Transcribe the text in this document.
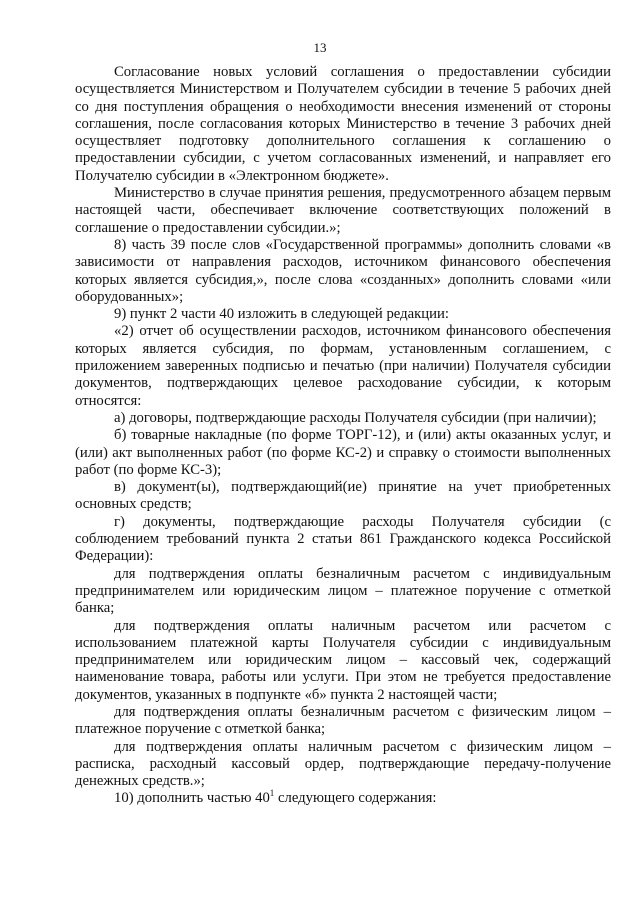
13

Согласование новых условий соглашения о предоставлении субсидии осуществляется Министерством и Получателем субсидии в течение 5 рабочих дней со дня поступления обращения о необходимости внесения изменений от стороны соглашения, после согласования которых Министерство в течение 3 рабочих дней осуществляет подготовку дополнительного соглашения к соглашению о предоставлении субсидии, с учетом согласованных изменений, и направляет его Получателю субсидии в «Электронном бюджете».

Министерство в случае принятия решения, предусмотренного абзацем первым настоящей части, обеспечивает включение соответствующих положений в соглашение о предоставлении субсидии.»;

8) часть 39 после слов «Государственной программы» дополнить словами «в зависимости от направления расходов, источником финансового обеспечения которых является субсидия,», после слова «созданных» дополнить словами «или оборудованных»;

9) пункт 2 части 40 изложить в следующей редакции:

«2) отчет об осуществлении расходов, источником финансового обеспечения которых является субсидия, по формам, установленным соглашением, с приложением заверенных подписью и печатью (при наличии) Получателя субсидии документов, подтверждающих целевое расходование субсидии, к которым относятся:

а) договоры, подтверждающие расходы Получателя субсидии (при наличии);

б) товарные накладные (по форме ТОРГ-12), и (или) акты оказанных услуг, и (или) акт выполненных работ (по форме КС-2) и справку о стоимости выполненных работ (по форме КС-3);

в) документ(ы), подтверждающий(ие) принятие на учет приобретенных основных средств;

г) документы, подтверждающие расходы Получателя субсидии (с соблюдением требований пункта 2 статьи 861 Гражданского кодекса Российской Федерации):

для подтверждения оплаты безналичным расчетом с индивидуальным предпринимателем или юридическим лицом – платежное поручение с отметкой банка;

для подтверждения оплаты наличным расчетом или расчетом с использованием платежной карты Получателя субсидии с индивидуальным предпринимателем или юридическим лицом – кассовый чек, содержащий наименование товара, работы или услуги. При этом не требуется предоставление документов, указанных в подпункте «б» пункта 2 настоящей части;

для подтверждения оплаты безналичным расчетом с физическим лицом – платежное поручение с отметкой банка;

для подтверждения оплаты наличным расчетом с физическим лицом – расписка, расходный кассовый ордер, подтверждающие передачу-получение денежных средств.»;

10) дополнить частью $40^1$ следующего содержания:
